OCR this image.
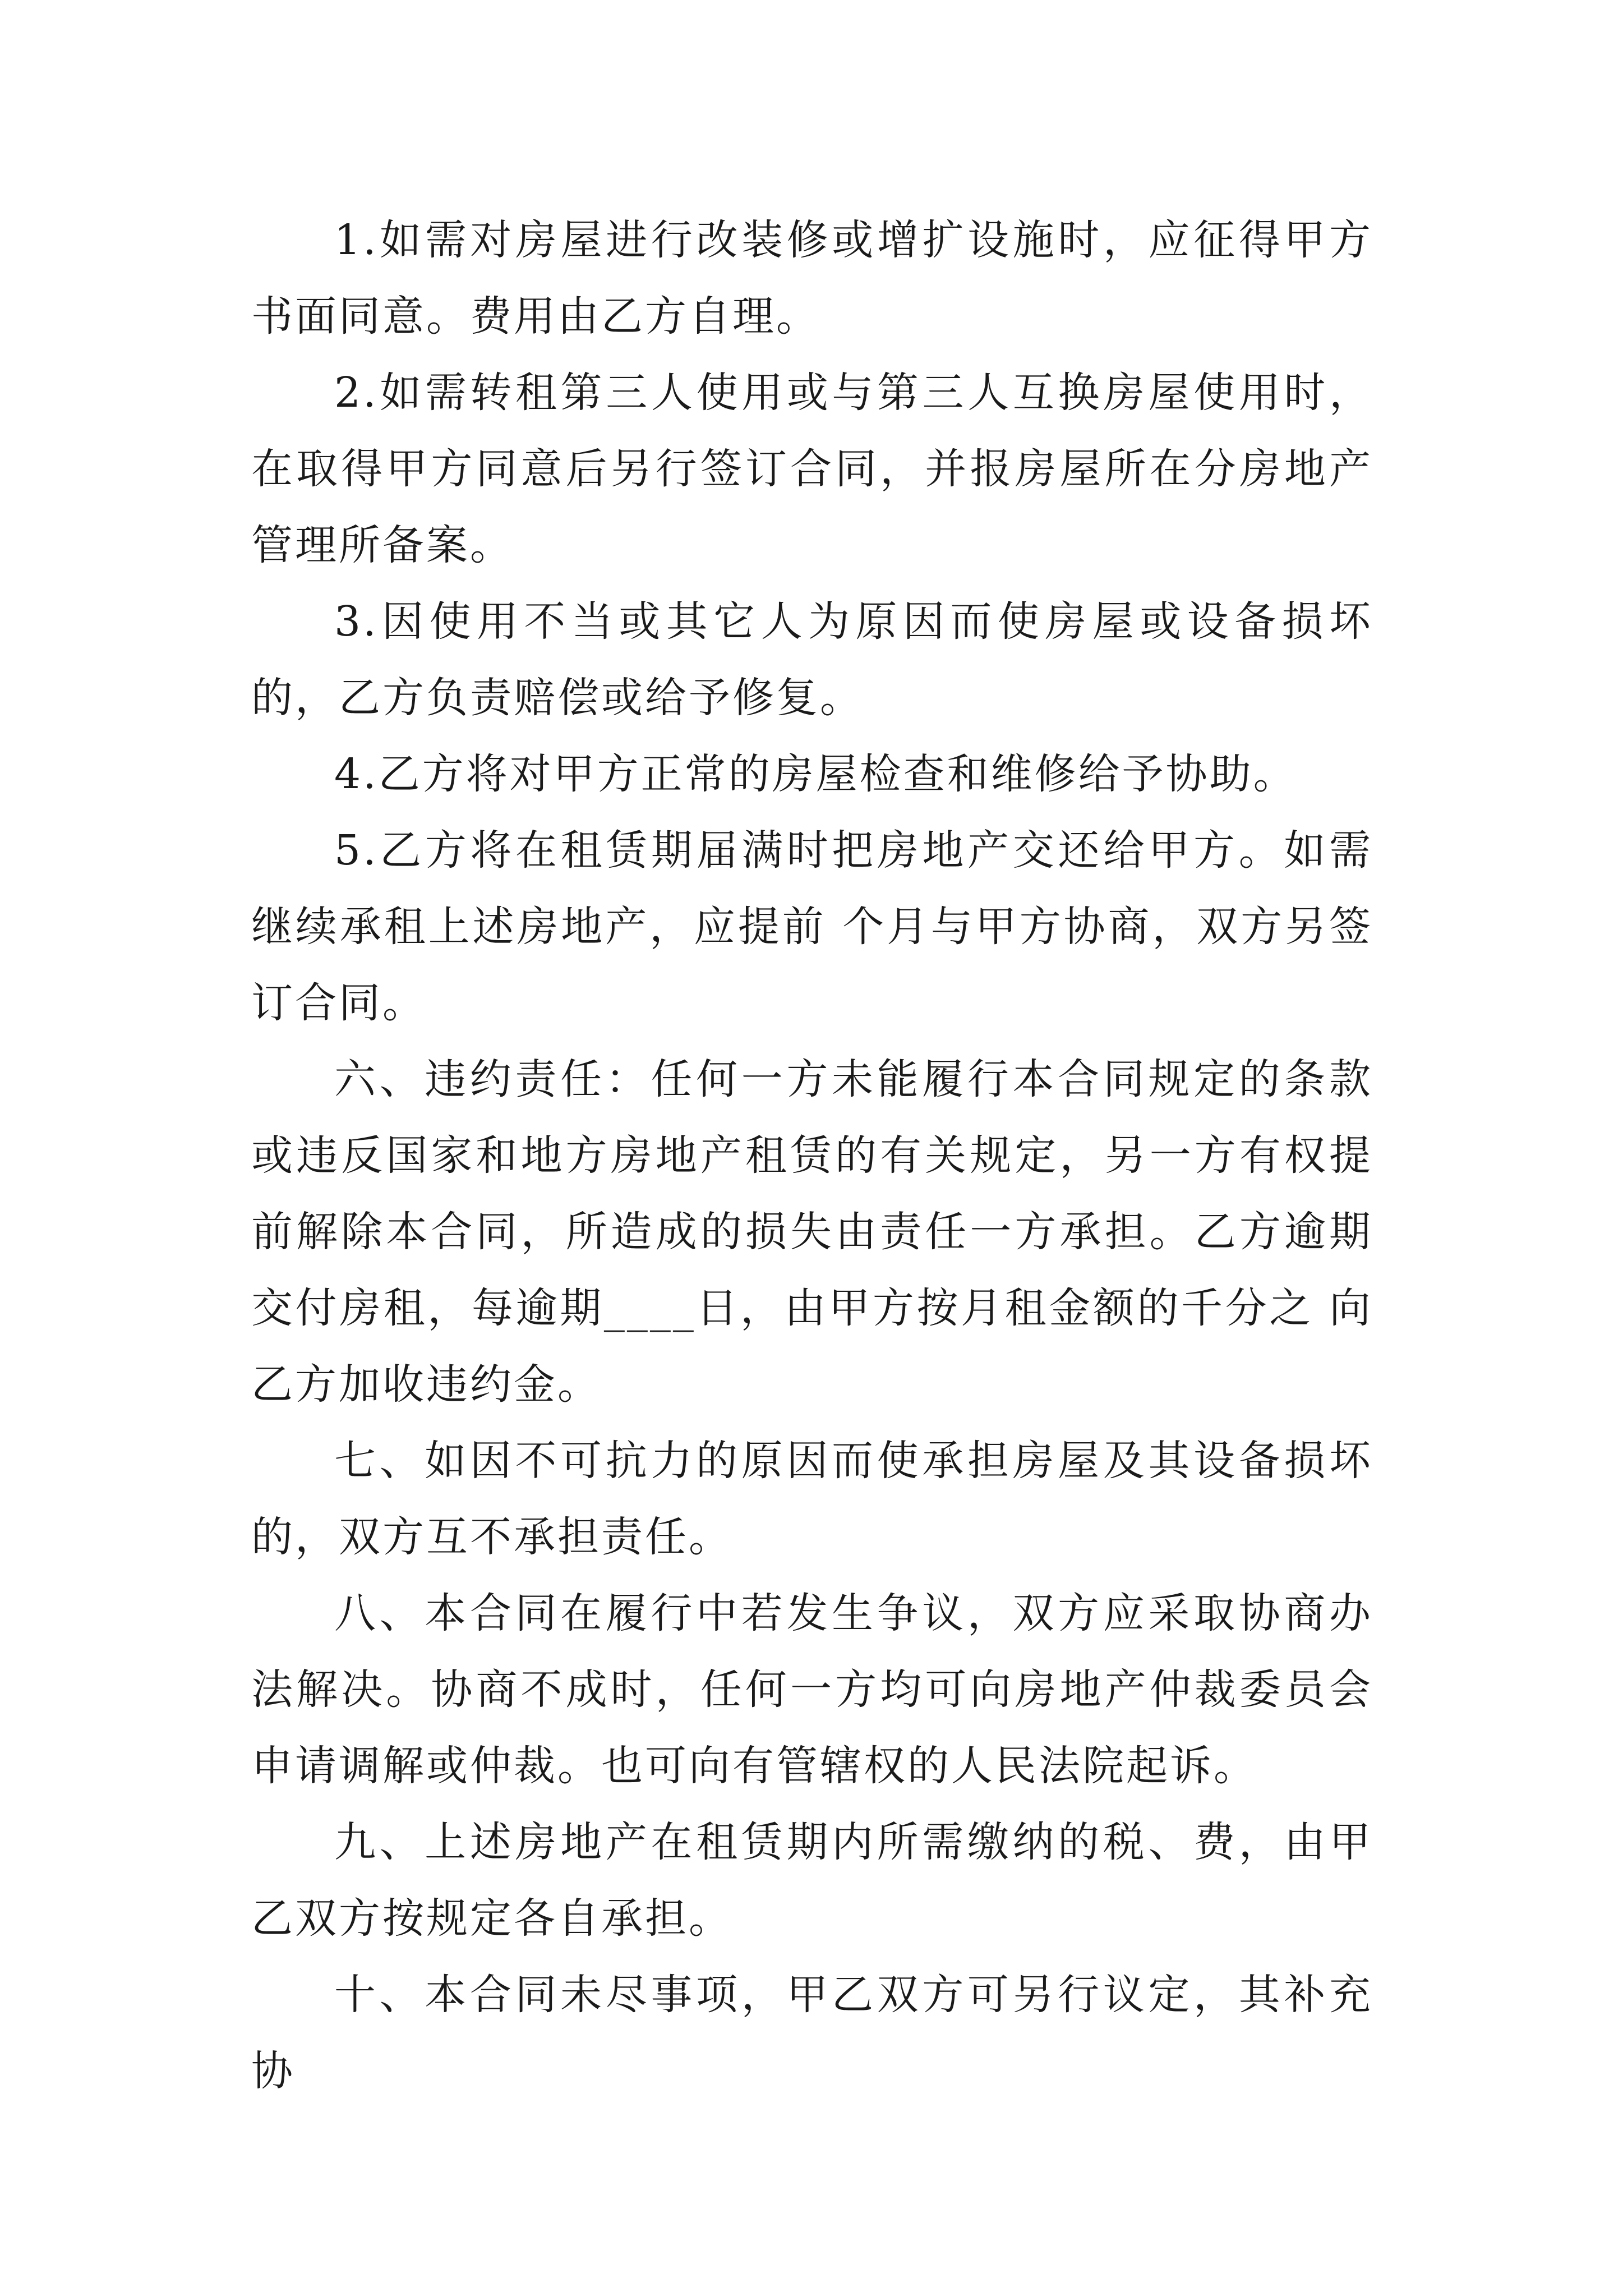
1.如需对房屋进行改装修或增扩设施时，应征得甲方书面同意。费用由乙方自理。

2.如需转租第三人使用或与第三人互换房屋使用时，在取得甲方同意后另行签订合同，并报房屋所在分房地产管理所备案。

3.因使用不当或其它人为原因而使房屋或设备损坏的，乙方负责赔偿或给予修复。

4.乙方将对甲方正常的房屋检查和维修给予协助。

5.乙方将在租赁期届满时把房地产交还给甲方。如需继续承租上述房地产，应提前 个月与甲方协商，双方另签订合同。

六、违约责任：任何一方未能履行本合同规定的条款或违反国家和地方房地产租赁的有关规定，另一方有权提前解除本合同，所造成的损失由责任一方承担。乙方逾期交付房租，每逾期____日，由甲方按月租金额的千分之 向乙方加收违约金。

七、如因不可抗力的原因而使承担房屋及其设备损坏的，双方互不承担责任。

八、本合同在履行中若发生争议，双方应采取协商办法解决。协商不成时，任何一方均可向房地产仲裁委员会申请调解或仲裁。也可向有管辖权的人民法院起诉。

九、上述房地产在租赁期内所需缴纳的税、费，由甲乙双方按规定各自承担。

十、本合同未尽事项，甲乙双方可另行议定，其补充协
